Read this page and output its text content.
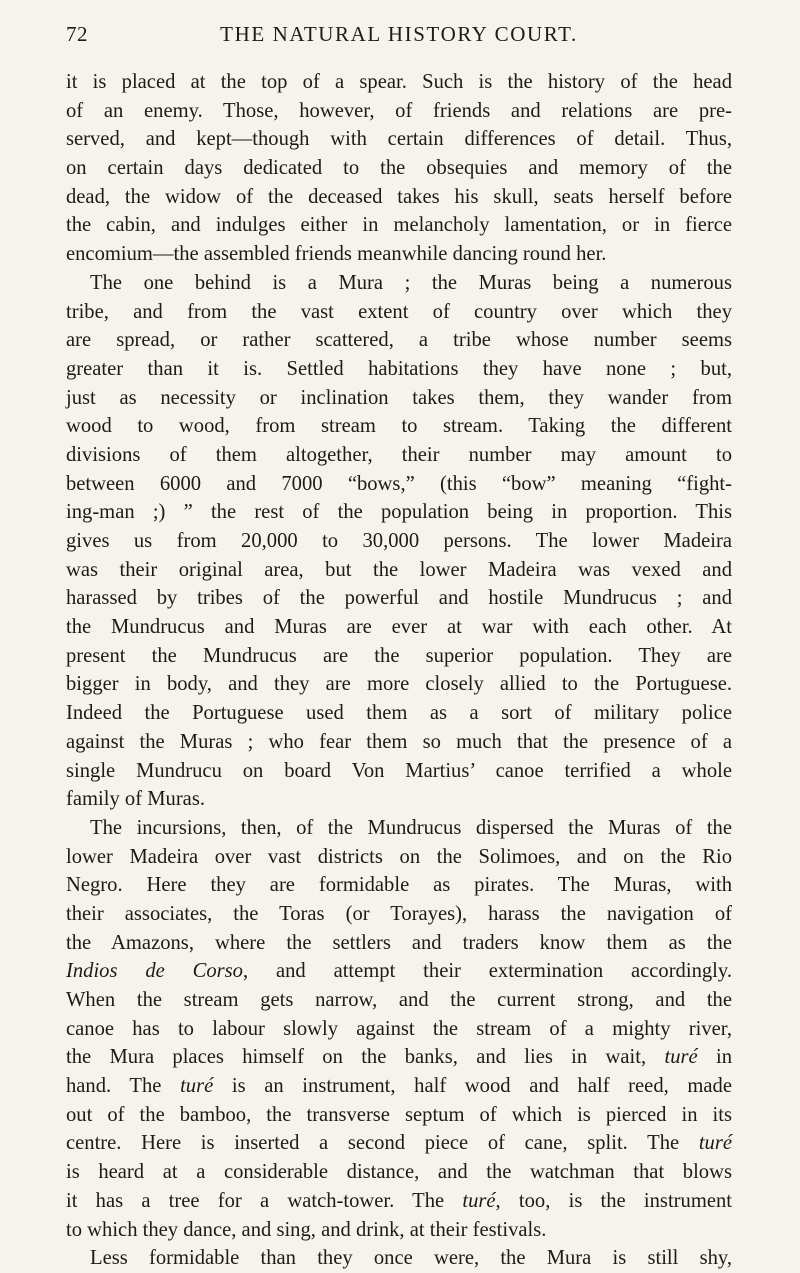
72	THE NATURAL HISTORY COURT.
it is placed at the top of a spear. Such is the history of the head
of an enemy. Those, however, of friends and relations are pre-
served, and kept—though with certain differences of detail. Thus,
on certain days dedicated to the obsequies and memory of the
dead, the widow of the deceased takes his skull, seats herself before
the cabin, and indulges either in melancholy lamentation, or in fierce
encomium—the assembled friends meanwhile dancing round her.
The one behind is a Mura ; the Muras being a numerous
tribe, and from the vast extent of country over which they
are spread, or rather scattered, a tribe whose number seems
greater than it is. Settled habitations they have none ; but,
just as necessity or inclination takes them, they wander from
wood to wood, from stream to stream. Taking the different
divisions of them altogether, their number may amount to
between 6000 and 7000 “bows,” (this “bow” meaning “fight-
ing-man ;) ” the rest of the population being in proportion. This
gives us from 20,000 to 30,000 persons. The lower Madeira
was their original area, but the lower Madeira was vexed and
harassed by tribes of the powerful and hostile Mundrucus ; and
the Mundrucus and Muras are ever at war with each other. At
present the Mundrucus are the superior population. They are
bigger in body, and they are more closely allied to the Portuguese.
Indeed the Portuguese used them as a sort of military police
against the Muras ; who fear them so much that the presence of a
single Mundrucu on board Von Martius’ canoe terrified a whole
family of Muras.
The incursions, then, of the Mundrucus dispersed the Muras of the
lower Madeira over vast districts on the Solimoes, and on the Rio
Negro. Here they are formidable as pirates. The Muras, with
their associates, the Toras (or Torayes), harass the navigation of
the Amazons, where the settlers and traders know them as the
Indios de Corso, and attempt their extermination accordingly.
When the stream gets narrow, and the current strong, and the
canoe has to labour slowly against the stream of a mighty river,
the Mura places himself on the banks, and lies in wait, turé in
hand. The turé is an instrument, half wood and half reed, made
out of the bamboo, the transverse septum of which is pierced in its
centre. Here is inserted a second piece of cane, split. The turé
is heard at a considerable distance, and the watchman that blows
it has a tree for a watch-tower. The turé, too, is the instrument
to which they dance, and sing, and drink, at their festivals.
Less formidable than they once were, the Mura is still shy,
